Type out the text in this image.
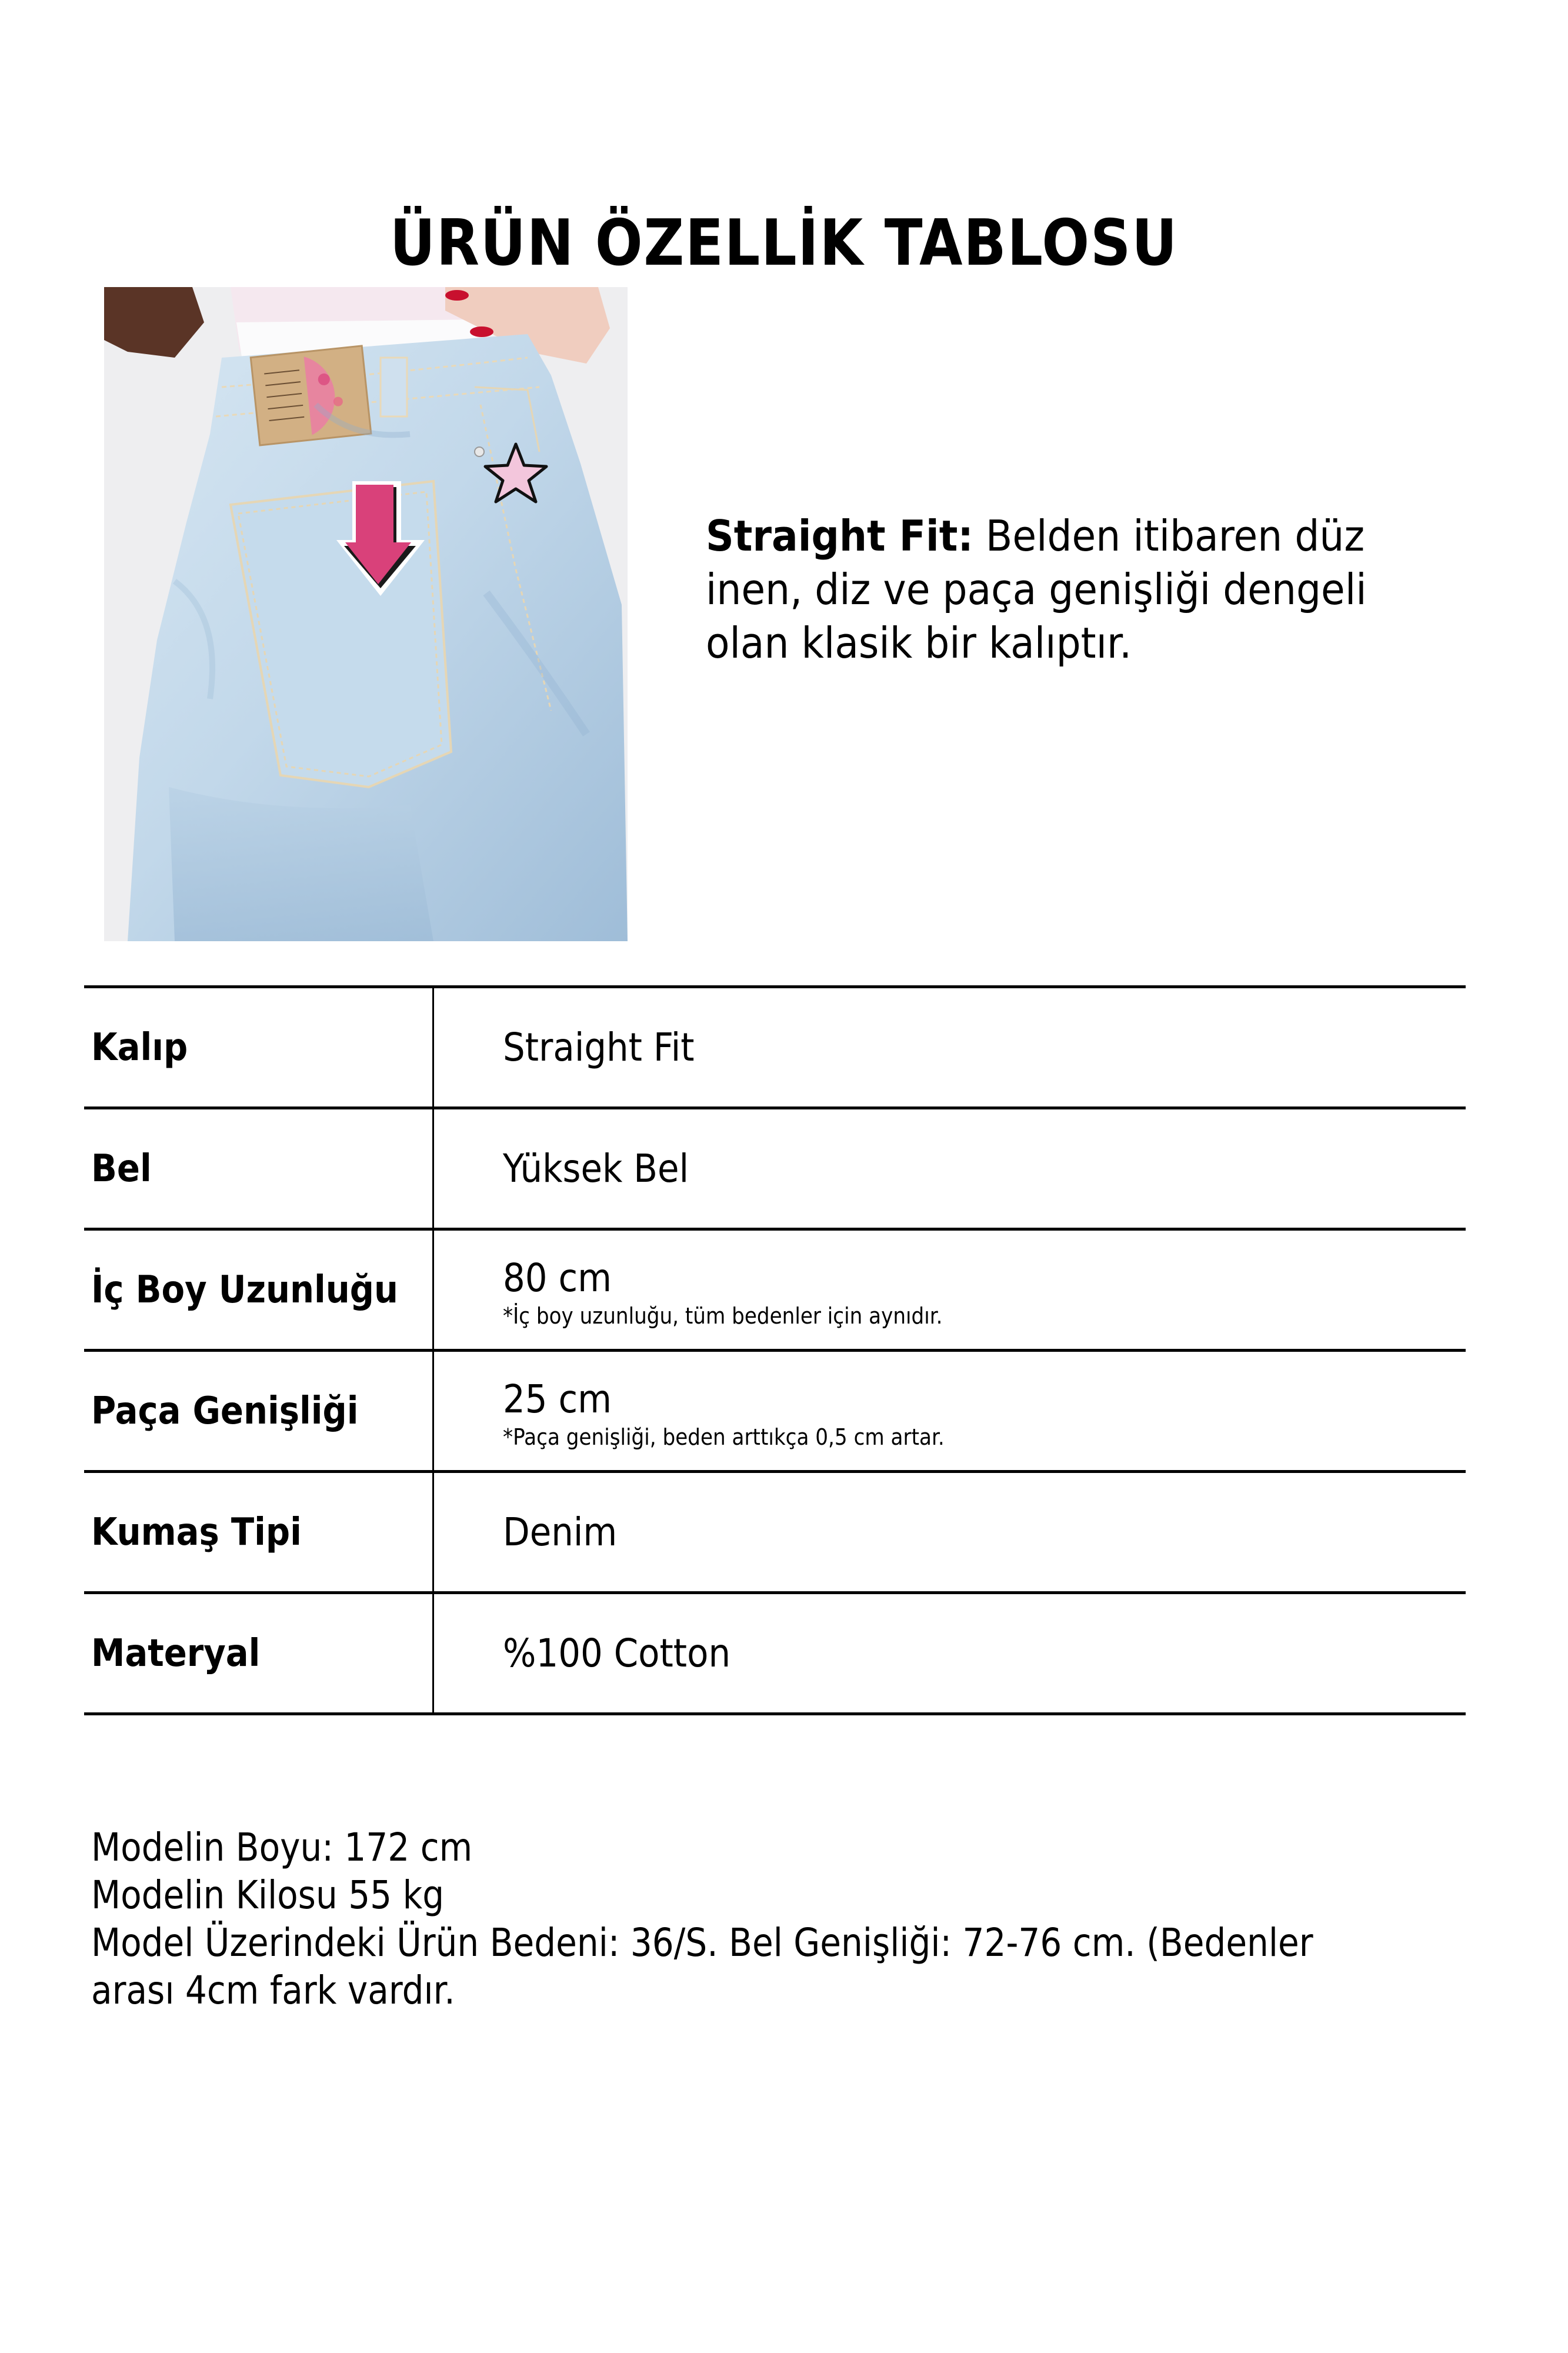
ÜRÜN ÖZELLİK TABLOSU
Straight Fit: Belden itibaren düz inen, diz ve paça genişliği dengeli olan klasik bir kalıptır.
Kalıp	Straight Fit
Bel	Yüksek Bel
İç Boy Uzunluğu	80 cm
*İç boy uzunluğu, tüm bedenler için aynıdır.
Paça Genişliği	25 cm
*Paça genişliği, beden arttıkça 0,5 cm artar.
Kumaş Tipi	Denim
Materyal	%100 Cotton
Modelin Boyu: 172 cm
Modelin Kilosu 55 kg
Model Üzerindeki Ürün Bedeni: 36/S. Bel Genişliği: 72-76 cm. (Bedenler
arası 4cm fark vardır.
